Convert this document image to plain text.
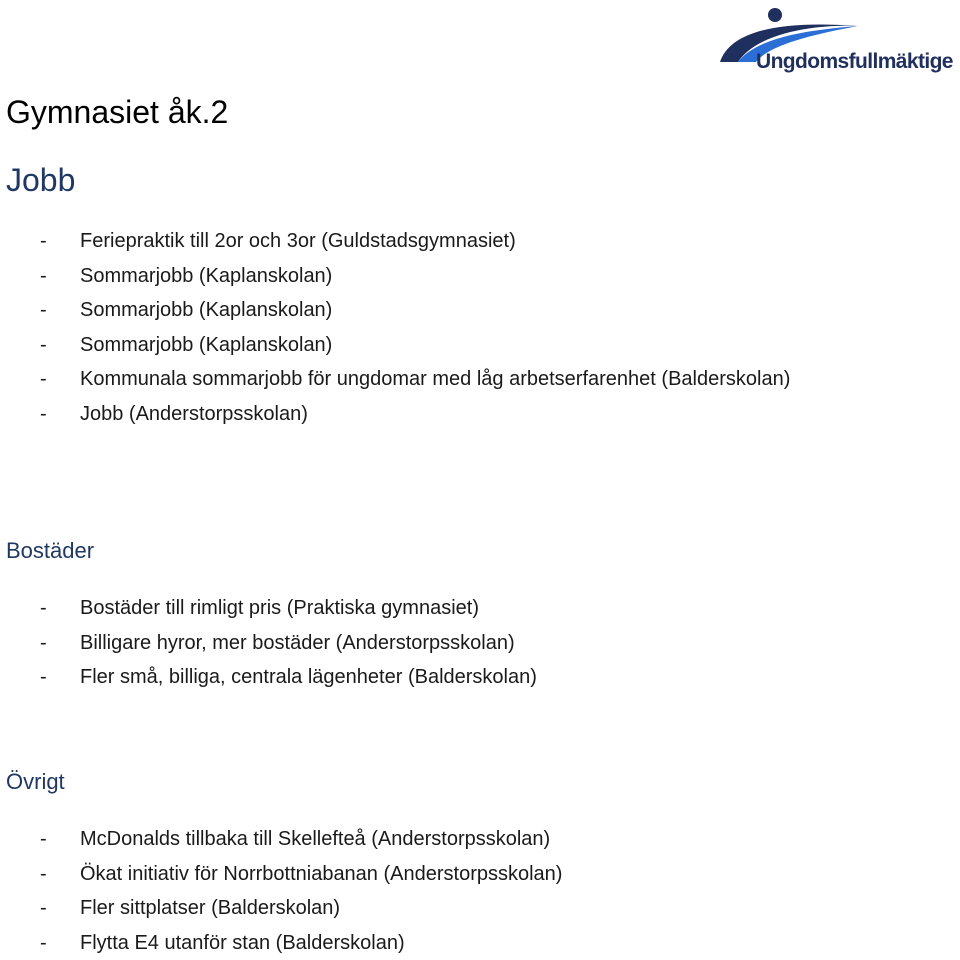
Ungdomsfullmäktige
Gymnasiet åk.2
Jobb
- Feriepraktik till 2or och 3or (Guldstadsgymnasiet)
- Sommarjobb (Kaplanskolan)
- Sommarjobb (Kaplanskolan)
- Sommarjobb (Kaplanskolan)
- Kommunala sommarjobb för ungdomar med låg arbetserfarenhet (Balderskolan)
- Jobb (Anderstorpsskolan)
Bostäder
- Bostäder till rimligt pris (Praktiska gymnasiet)
- Billigare hyror, mer bostäder (Anderstorpsskolan)
- Fler små, billiga, centrala lägenheter (Balderskolan)
Övrigt
- McDonalds tillbaka till Skellefteå (Anderstorpsskolan)
- Ökat initiativ för Norrbottniabanan (Anderstorpsskolan)
- Fler sittplatser (Balderskolan)
- Flytta E4 utanför stan (Balderskolan)
